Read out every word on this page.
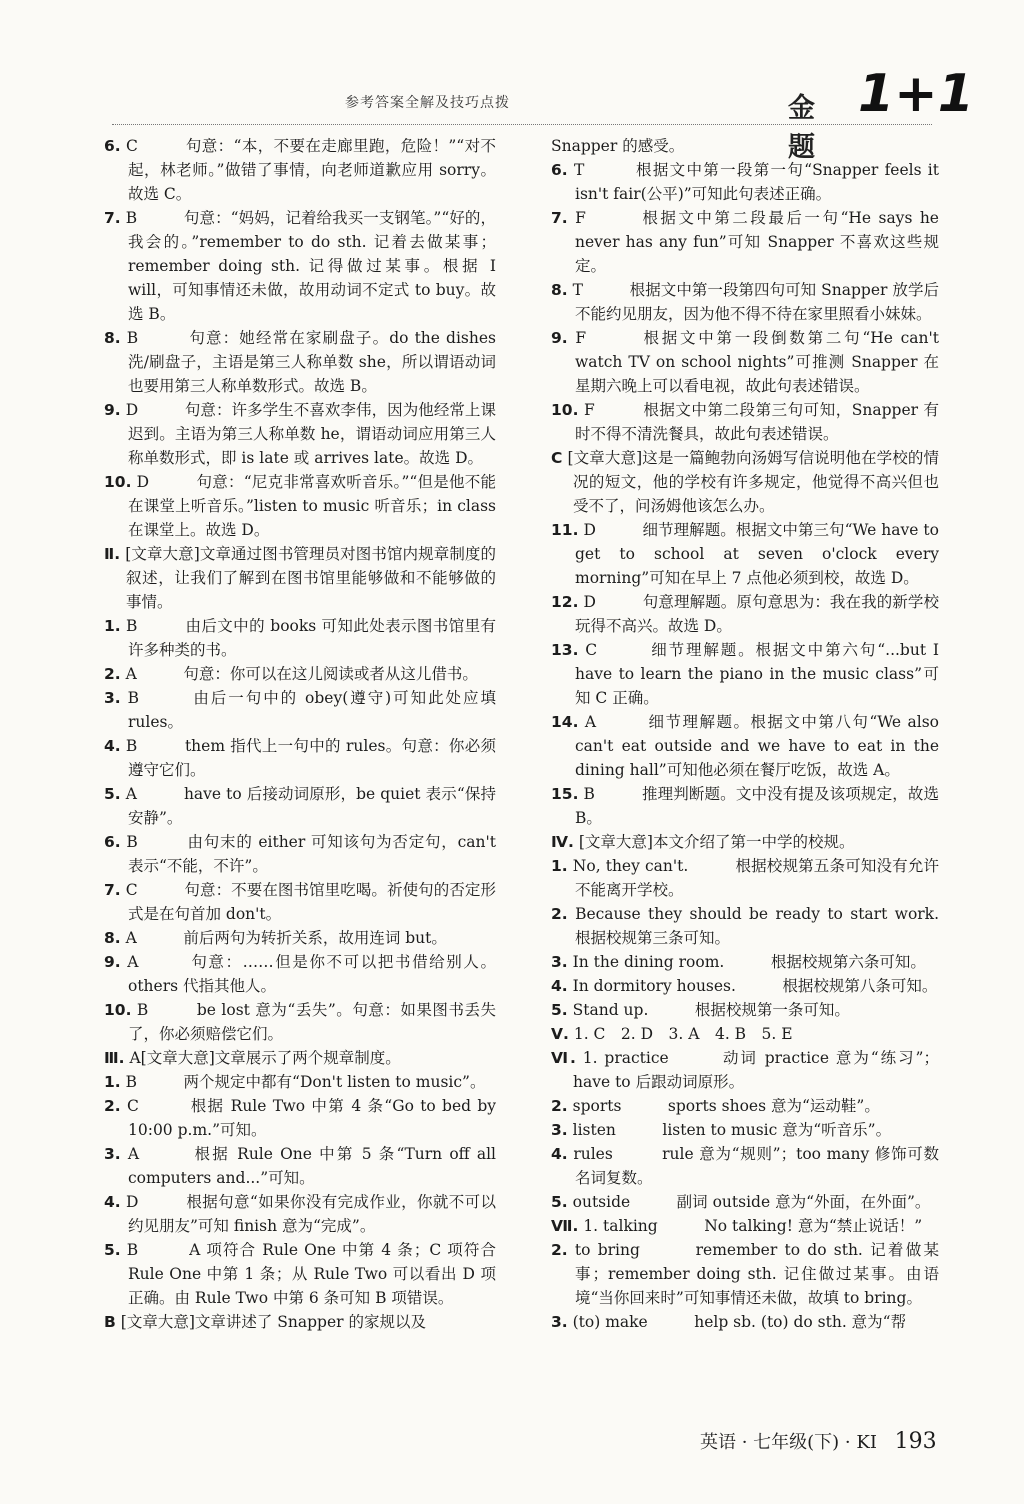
参考答案全解及技巧点拨	金题
1+1

6. C　　　句意：“本，不要在走廊里跑，危险！”“对不起，林老师。”做错了事情，向老师道歉应用 sorry。故选 C。

7. B　　　句意：“妈妈，记着给我买一支钢笔。”“好的，我会的。”remember to do sth. 记着去做某事；remember doing sth. 记得做过某事。根据 I will，可知事情还未做，故用动词不定式 to buy。故选 B。

8. B　　　句意：她经常在家刷盘子。do the dishes 洗/刷盘子，主语是第三人称单数 she，所以谓语动词也要用第三人称单数形式。故选 B。

9. D　　　句意：许多学生不喜欢李伟，因为他经常上课迟到。主语为第三人称单数 he，谓语动词应用第三人称单数形式，即 is late 或 arrives late。故选 D。

10. D　　　句意：“尼克非常喜欢听音乐。”“但是他不能在课堂上听音乐。”listen to music 听音乐；in class 在课堂上。故选 D。

Ⅱ. [文章大意]文章通过图书管理员对图书馆内规章制度的叙述，让我们了解到在图书馆里能够做和不能够做的事情。

1. B　　　由后文中的 books 可知此处表示图书馆里有许多种类的书。

2. A　　　句意：你可以在这儿阅读或者从这儿借书。

3. B　　　由后一句中的 obey(遵守)可知此处应填 rules。

4. B　　　them 指代上一句中的 rules。句意：你必须遵守它们。

5. A　　　have to 后接动词原形，be quiet 表示“保持安静”。

6. B　　　由句末的 either 可知该句为否定句，can't 表示“不能，不许”。

7. C　　　句意：不要在图书馆里吃喝。祈使句的否定形式是在句首加 don't。

8. A　　　前后两句为转折关系，故用连词 but。

9. A　　　句意：……但是你不可以把书借给别人。others 代指其他人。

10. B　　　be lost 意为“丢失”。句意：如果图书丢失了，你必须赔偿它们。

Ⅲ. A[文章大意]文章展示了两个规章制度。

1. B　　　两个规定中都有“Don't listen to music”。

2. C　　　根据 Rule Two 中第 4 条“Go to bed by 10:00 p.m.”可知。

3. A　　　根据 Rule One 中第 5 条“Turn off all computers and...”可知。

4. D　　　根据句意“如果你没有完成作业，你就不可以约见朋友”可知 finish 意为“完成”。

5. B　　　A 项符合 Rule One 中第 4 条；C 项符合 Rule One 中第 1 条；从 Rule Two 可以看出 D 项正确。由 Rule Two 中第 6 条可知 B 项错误。

B [文章大意]文章讲述了 Snapper 的家规以及

Snapper 的感受。

6. T　　　根据文中第一段第一句“Snapper feels it isn't fair(公平)”可知此句表述正确。

7. F　　　根据文中第二段最后一句“He says he never has any fun”可知 Snapper 不喜欢这些规定。

8. T　　　根据文中第一段第四句可知 Snapper 放学后不能约见朋友，因为他不得不待在家里照看小妹妹。

9. F　　　根据文中第一段倒数第二句“He can't watch TV on school nights”可推测 Snapper 在星期六晚上可以看电视，故此句表述错误。

10. F　　　根据文中第二段第三句可知，Snapper 有时不得不清洗餐具，故此句表述错误。

C [文章大意]这是一篇鲍勃向汤姆写信说明他在学校的情况的短文，他的学校有许多规定，他觉得不高兴但也受不了，问汤姆他该怎么办。

11. D　　　细节理解题。根据文中第三句“We have to get to school at seven o'clock every morning”可知在早上 7 点他必须到校，故选 D。

12. D　　　句意理解题。原句意思为：我在我的新学校玩得不高兴。故选 D。

13. C　　　细节理解题。根据文中第六句“...but I have to learn the piano in the music class”可知 C 正确。

14. A　　　细节理解题。根据文中第八句“We also can't eat outside and we have to eat in the dining hall”可知他必须在餐厅吃饭，故选 A。

15. B　　　推理判断题。文中没有提及该项规定，故选 B。

Ⅳ. [文章大意]本文介绍了第一中学的校规。

1. No, they can't.　　　根据校规第五条可知没有允许不能离开学校。

2. Because they should be ready to start work.　　　根据校规第三条可知。

3. In the dining room.　　　根据校规第六条可知。

4. In dormitory houses.　　　根据校规第八条可知。

5. Stand up.　　　根据校规第一条可知。

Ⅴ. 1. C　2. D　3. A　4. B　5. E

Ⅵ. 1. practice　　　动词 practice 意为“练习”；have to 后跟动词原形。

2. sports　　　sports shoes 意为“运动鞋”。

3. listen　　　listen to music 意为“听音乐”。

4. rules　　　rule 意为“规则”；too many 修饰可数名词复数。

5. outside　　　副词 outside 意为“外面，在外面”。

Ⅶ. 1. talking　　　No talking! 意为“禁止说话！”

2. to bring　　　remember to do sth. 记着做某事；remember doing sth. 记住做过某事。由语境“当你回来时”可知事情还未做，故填 to bring。

3. (to) make　　　help sb. (to) do sth. 意为“帮

英语 · 七年级(下) · KI 193
